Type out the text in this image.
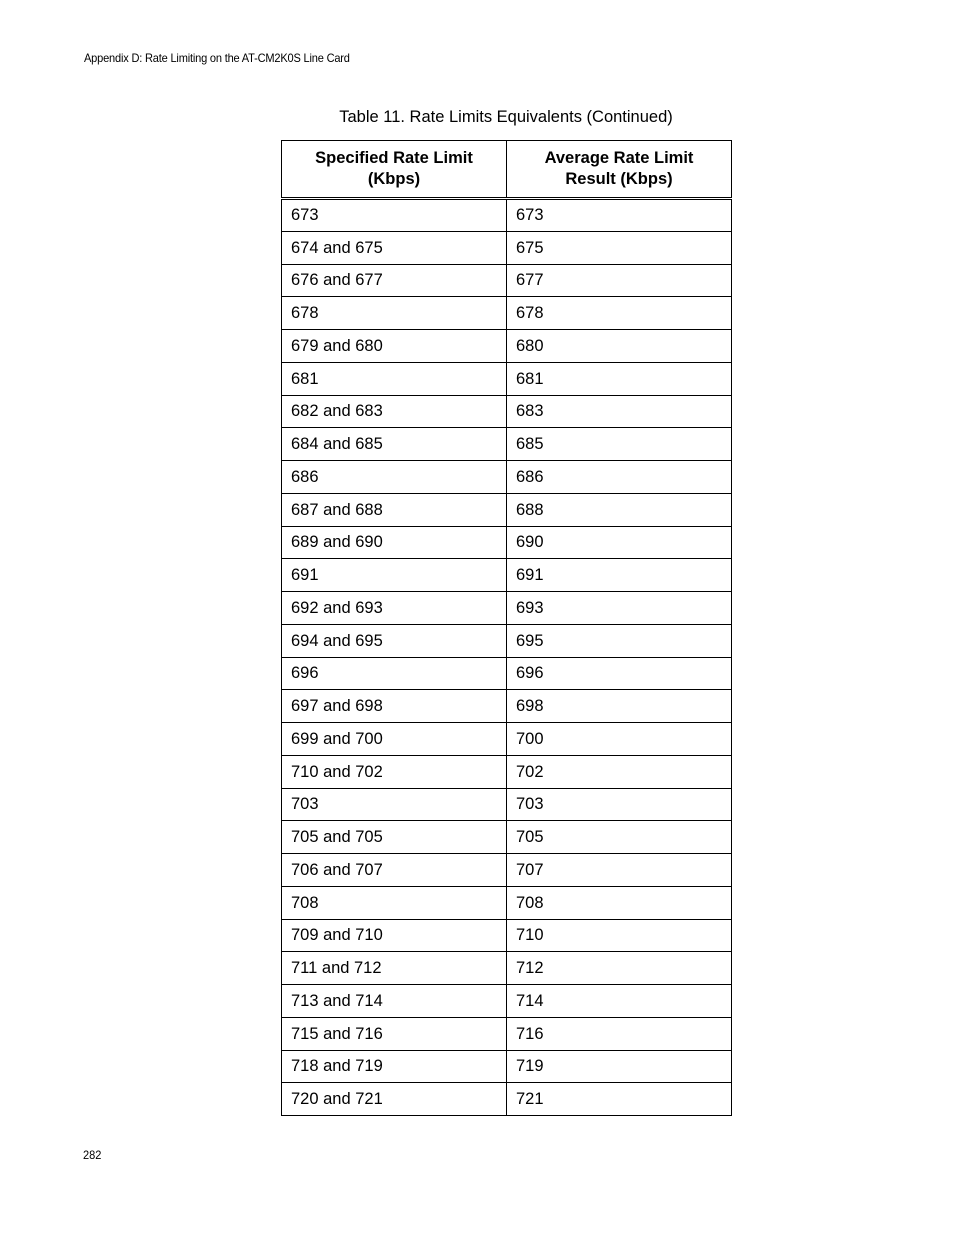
Appendix D: Rate Limiting on the AT-CM2K0S Line Card
Table 11. Rate Limits Equivalents (Continued)
Specified Rate Limit (Kbps)	Average Rate Limit Result (Kbps)
673	673
674 and 675	675
676 and 677	677
678	678
679 and 680	680
681	681
682 and 683	683
684 and 685	685
686	686
687 and 688	688
689 and 690	690
691	691
692 and 693	693
694 and 695	695
696	696
697 and 698	698
699 and 700	700
710 and 702	702
703	703
705 and 705	705
706 and 707	707
708	708
709 and 710	710
711 and 712	712
713 and 714	714
715 and 716	716
718 and 719	719
720 and 721	721
282
